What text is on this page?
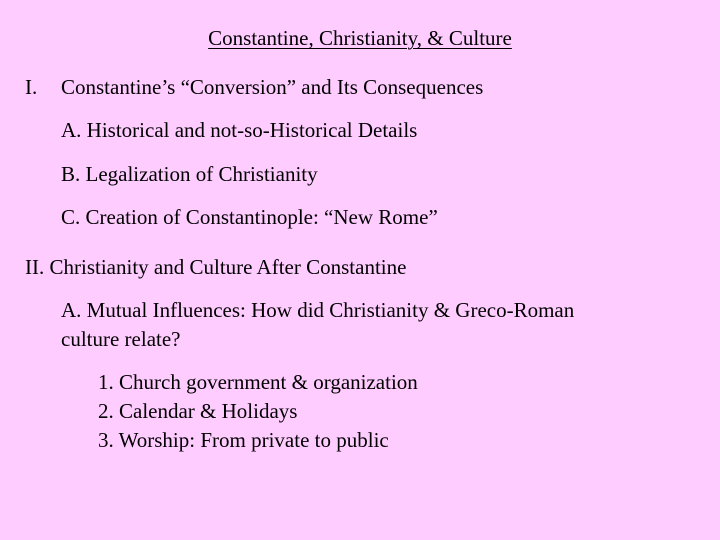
Constantine, Christianity, & Culture
I. Constantine’s “Conversion” and Its Consequences
A. Historical and not-so-Historical Details
B. Legalization of Christianity
C. Creation of Constantinople: “New Rome”
II. Christianity and Culture After Constantine
A. Mutual Influences: How did Christianity & Greco-Roman
culture relate?
1. Church government & organization
2. Calendar & Holidays
3. Worship: From private to public
